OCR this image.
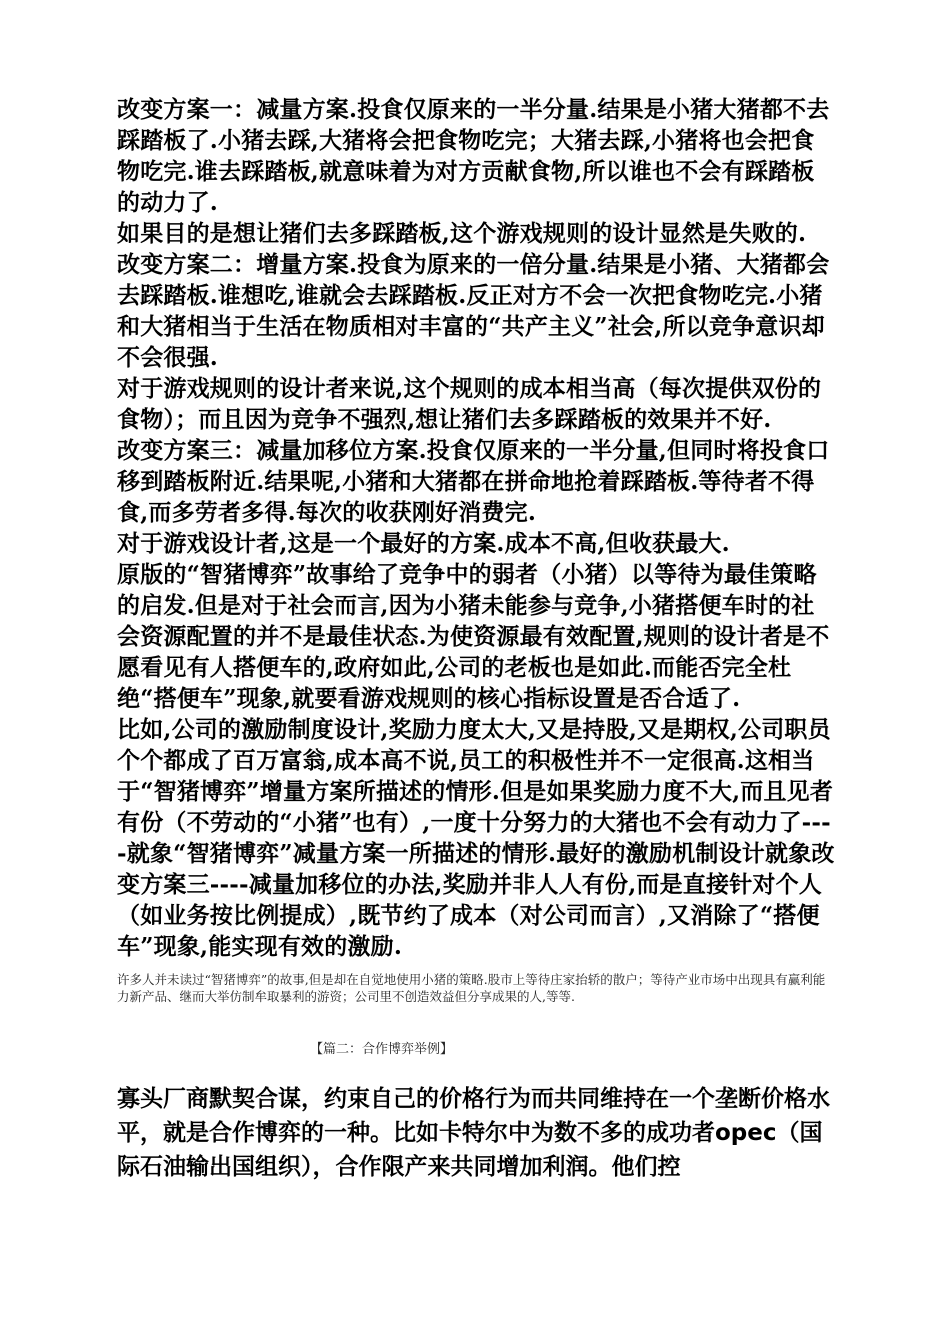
改变方案一：减量方案.投食仅原来的一半分量.结果是小猪大猪都不去踩踏板了.小猪去踩,大猪将会把食物吃完；大猪去踩,小猪将也会把食物吃完.谁去踩踏板,就意味着为对方贡献食物,所以谁也不会有踩踏板的动力了.

如果目的是想让猪们去多踩踏板,这个游戏规则的设计显然是失败的.

改变方案二：增量方案.投食为原来的一倍分量.结果是小猪、大猪都会去踩踏板.谁想吃,谁就会去踩踏板.反正对方不会一次把食物吃完.小猪和大猪相当于生活在物质相对丰富的“共产主义”社会,所以竞争意识却不会很强.

对于游戏规则的设计者来说,这个规则的成本相当高（每次提供双份的食物）；而且因为竞争不强烈,想让猪们去多踩踏板的效果并不好.

改变方案三：减量加移位方案.投食仅原来的一半分量,但同时将投食口移到踏板附近.结果呢,小猪和大猪都在拼命地抢着踩踏板.等待者不得食,而多劳者多得.每次的收获刚好消费完.

对于游戏设计者,这是一个最好的方案.成本不高,但收获最大.

原版的“智猪博弈”故事给了竞争中的弱者（小猪）以等待为最佳策略的启发.但是对于社会而言,因为小猪未能参与竞争,小猪搭便车时的社会资源配置的并不是最佳状态.为使资源最有效配置,规则的设计者是不愿看见有人搭便车的,政府如此,公司的老板也是如此.而能否完全杜绝“搭便车”现象,就要看游戏规则的核心指标设置是否合适了.

比如,公司的激励制度设计,奖励力度太大,又是持股,又是期权,公司职员个个都成了百万富翁,成本高不说,员工的积极性并不一定很高.这相当于“智猪博弈”增量方案所描述的情形.但是如果奖励力度不大,而且见者有份（不劳动的“小猪”也有）,一度十分努力的大猪也不会有动力了----就象“智猪博弈”减量方案一所描述的情形.最好的激励机制设计就象改变方案三----减量加移位的办法,奖励并非人人有份,而是直接针对个人（如业务按比例提成）,既节约了成本（对公司而言）,又消除了“搭便车”现象,能实现有效的激励.

许多人并未读过“智猪博弈”的故事,但是却在自觉地使用小猪的策略.股市上等待庄家抬轿的散户；等待产业市场中出现具有赢利能力新产品、继而大举仿制牟取暴利的游资；公司里不创造效益但分享成果的人,等等.

【篇二：合作博弈举例】

寡头厂商默契合谋，约束自己的价格行为而共同维持在一个垄断价格水平，就是合作博弈的一种。比如卡特尔中为数不多的成功者opec（国际石油输出国组织），合作限产来共同增加利润。他们控
